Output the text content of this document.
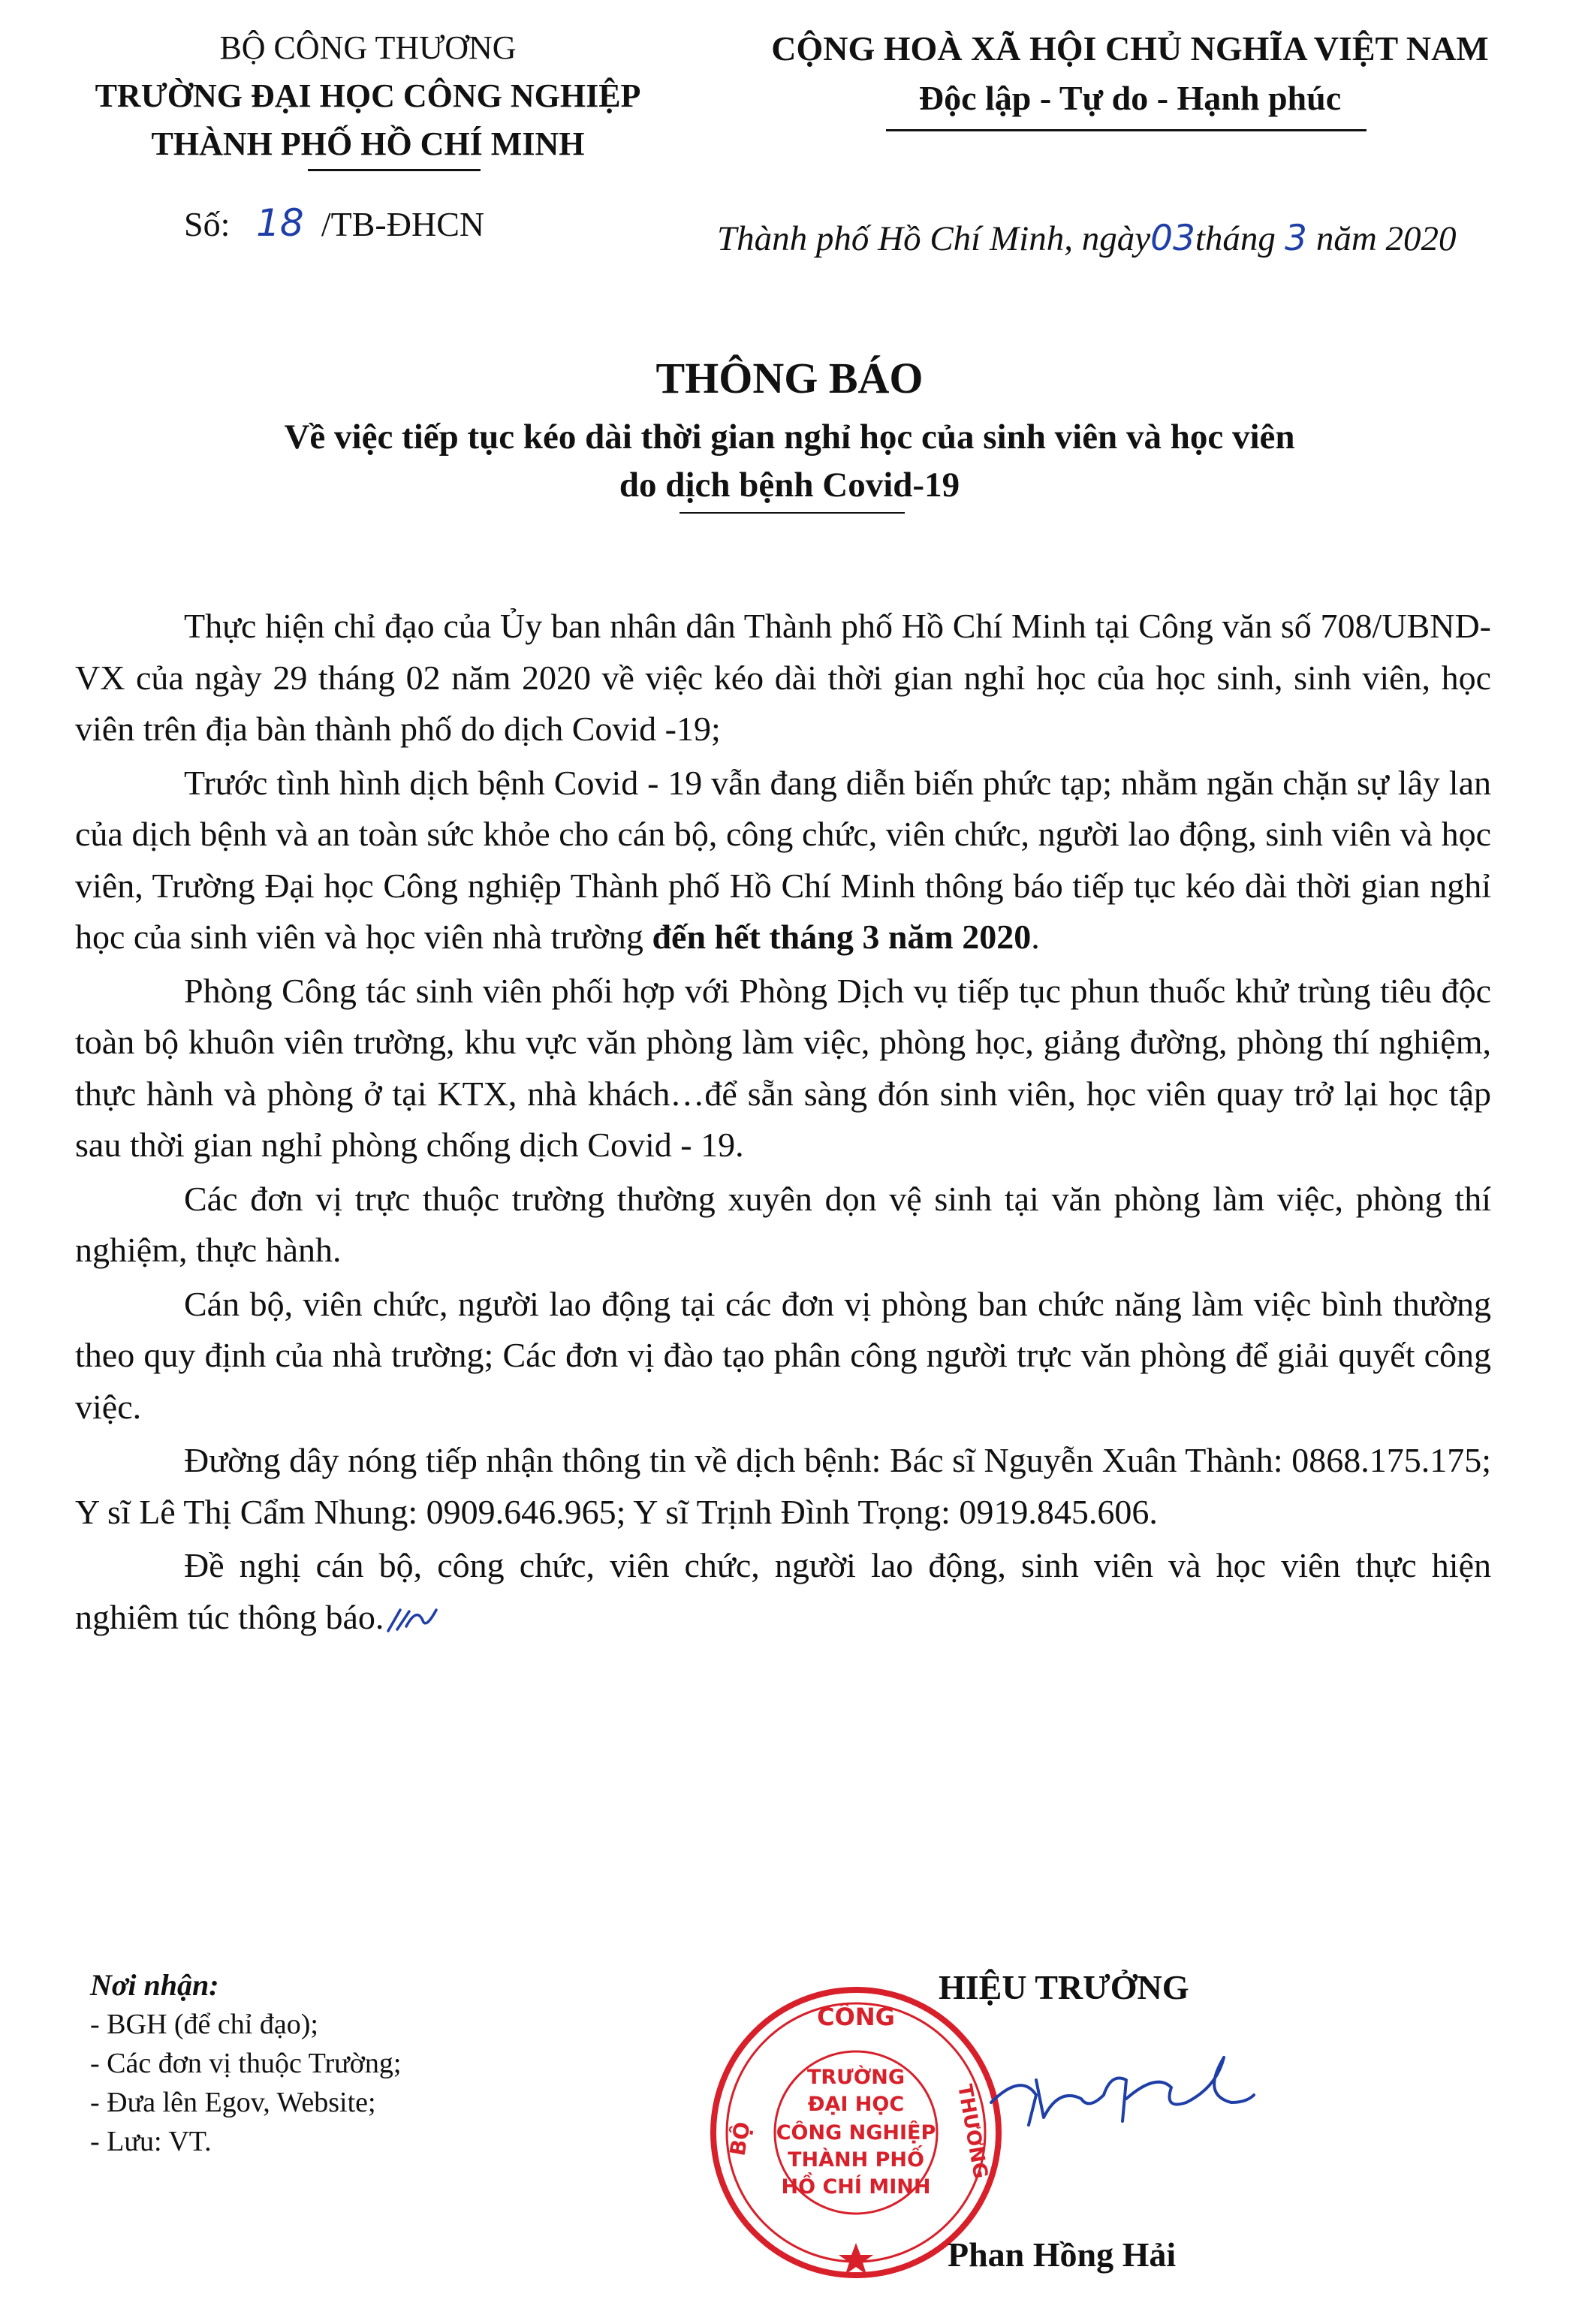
BỘ CÔNG THƯƠNG
TRƯỜNG ĐẠI HỌC CÔNG NGHIỆP
THÀNH PHỐ HỒ CHÍ MINH
CỘNG HOÀ XÃ HỘI CHỦ NGHĨA VIỆT NAM
Độc lập - Tự do - Hạnh phúc
Số: 18 /TB-ĐHCN	Thành phố Hồ Chí Minh, ngày03tháng 3 năm 2020
THÔNG BÁO
Về việc tiếp tục kéo dài thời gian nghỉ học của sinh viên và học viên
do dịch bệnh Covid-19

Thực hiện chỉ đạo của Ủy ban nhân dân Thành phố Hồ Chí Minh tại Công văn số 708/UBND-VX của ngày 29 tháng 02 năm 2020 về việc kéo dài thời gian nghỉ học của học sinh, sinh viên, học viên trên địa bàn thành phố do dịch Covid -19;

Trước tình hình dịch bệnh Covid - 19 vẫn đang diễn biến phức tạp; nhằm ngăn chặn sự lây lan của dịch bệnh và an toàn sức khỏe cho cán bộ, công chức, viên chức, người lao động, sinh viên và học viên, Trường Đại học Công nghiệp Thành phố Hồ Chí Minh thông báo tiếp tục kéo dài thời gian nghỉ học của sinh viên và học viên nhà trường đến hết tháng 3 năm 2020.

Phòng Công tác sinh viên phối hợp với Phòng Dịch vụ tiếp tục phun thuốc khử trùng tiêu độc toàn bộ khuôn viên trường, khu vực văn phòng làm việc, phòng học, giảng đường, phòng thí nghiệm, thực hành và phòng ở tại KTX, nhà khách…để sẵn sàng đón sinh viên, học viên quay trở lại học tập sau thời gian nghỉ phòng chống dịch Covid - 19.

Các đơn vị trực thuộc trường thường xuyên dọn vệ sinh tại văn phòng làm việc, phòng thí nghiệm, thực hành.

Cán bộ, viên chức, người lao động tại các đơn vị phòng ban chức năng làm việc bình thường theo quy định của nhà trường; Các đơn vị đào tạo phân công người trực văn phòng để giải quyết công việc.

Đường dây nóng tiếp nhận thông tin về dịch bệnh: Bác sĩ Nguyễn Xuân Thành: 0868.175.175; Y sĩ Lê Thị Cẩm Nhung: 0909.646.965; Y sĩ Trịnh Đình Trọng: 0919.845.606.

Đề nghị cán bộ, công chức, viên chức, người lao động, sinh viên và học viên thực hiện nghiêm túc thông báo.

Nơi nhận:
- BGH (để chỉ đạo);
- Các đơn vị thuộc Trường;
- Đưa lên Egov, Website;
- Lưu: VT.
CÔNG
BỘ	THƯƠNG
TRƯỜNG
ĐẠI HỌC
CÔNG NGHIỆP
THÀNH PHỐ
HỒ CHÍ MINH
HIỆU TRƯỞNG
Phan Hồng Hải
